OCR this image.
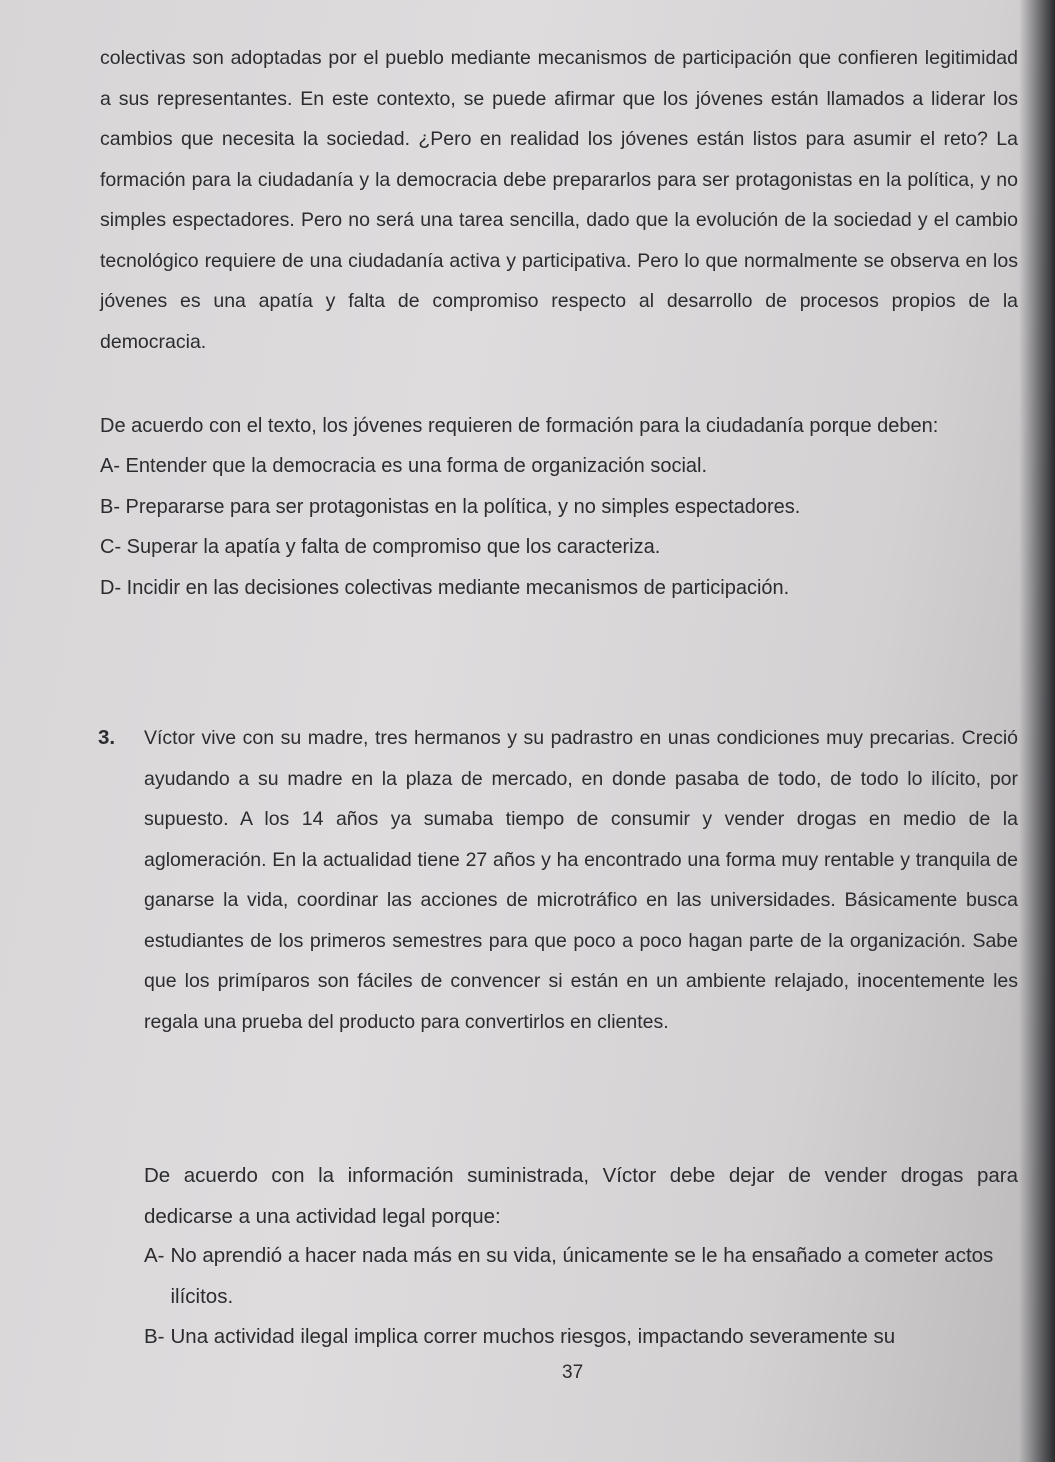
colectivas son adoptadas por el pueblo mediante mecanismos de participación que confieren legitimidad a sus representantes. En este contexto, se puede afirmar que los jóvenes están llamados a liderar los cambios que necesita la sociedad. ¿Pero en realidad los jóvenes están listos para asumir el reto? La formación para la ciudadanía y la democracia debe prepararlos para ser protagonistas en la política, y no simples espectadores. Pero no será una tarea sencilla, dado que la evolución de la sociedad y el cambio tecnológico requiere de una ciudadanía activa y participativa. Pero lo que normalmente se observa en los jóvenes es una apatía y falta de compromiso respecto al desarrollo de procesos propios de la democracia.

De acuerdo con el texto, los jóvenes requieren de formación para la ciudadanía porque deben:

A- Entender que la democracia es una forma de organización social.

B- Prepararse para ser protagonistas en la política, y no simples espectadores.

C- Superar la apatía y falta de compromiso que los caracteriza.

D- Incidir en las decisiones colectivas mediante mecanismos de participación.

3. Víctor vive con su madre, tres hermanos y su padrastro en unas condiciones muy precarias. Creció ayudando a su madre en la plaza de mercado, en donde pasaba de todo, de todo lo ilícito, por supuesto. A los 14 años ya sumaba tiempo de consumir y vender drogas en medio de la aglomeración. En la actualidad tiene 27 años y ha encontrado una forma muy rentable y tranquila de ganarse la vida, coordinar las acciones de microtráfico en las universidades. Básicamente busca estudiantes de los primeros semestres para que poco a poco hagan parte de la organización. Sabe que los primíparos son fáciles de convencer si están en un ambiente relajado, inocentemente les regala una prueba del producto para convertirlos en clientes.

De acuerdo con la información suministrada, Víctor debe dejar de vender drogas para dedicarse a una actividad legal porque:

A- No aprendió a hacer nada más en su vida, únicamente se le ha ensañado a cometer actos ilícitos.
B- Una actividad ilegal implica correr muchos riesgos, impactando severamente su
37
